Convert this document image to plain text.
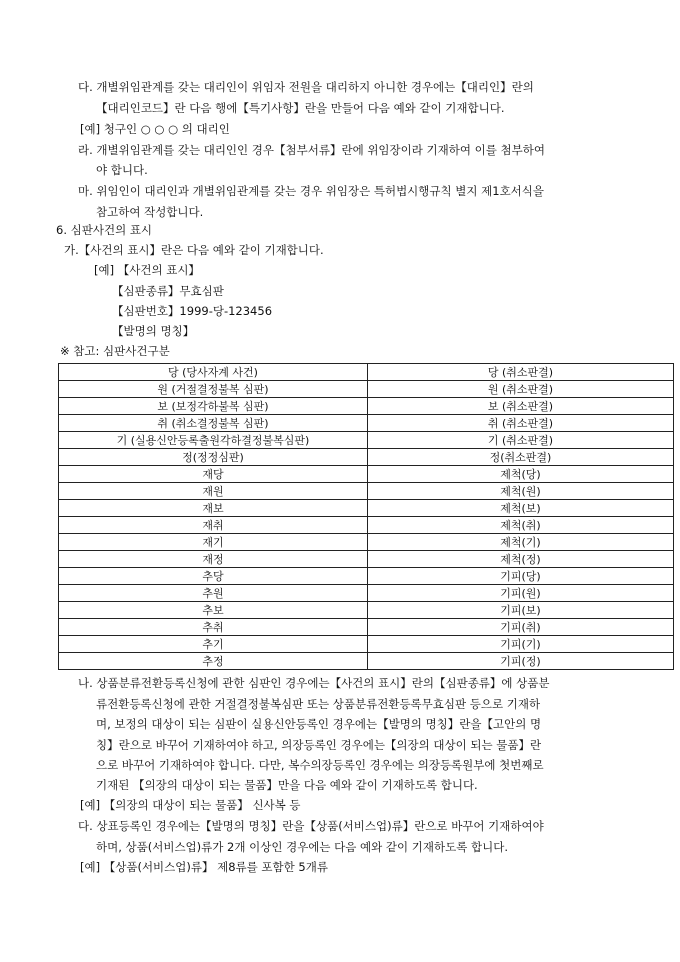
다. 개별위임관계를 갖는 대리인이 위임자 전원을 대리하지 아니한 경우에는【대리인】란의
【대리인코드】란 다음 행에【특기사항】란을 만들어 다음 예와 같이 기재합니다.
[예] 청구인 ○ ○ ○ 의 대리인
라. 개별위임관계를 갖는 대리인인 경우【첨부서류】란에 위임장이라 기재하여 이를 첨부하여
야 합니다.
마. 위임인이 대리인과 개별위임관계를 갖는 경우 위임장은 특허법시행규칙 별지 제1호서식을
참고하여 작성합니다.
6. 심판사건의 표시
가.【사건의 표시】란은 다음 예와 같이 기재합니다.
[예] 【사건의 표시】
【심판종류】무효심판
【심판번호】1999-당-123456
【발명의 명칭】
※ 참고: 심판사건구분
당 (당사자계 사건)	당 (취소판결)
원 (거절결정불복 심판)	원 (취소판결)
보 (보정각하불복 심판)	보 (취소판결)
취 (취소결정불복 심판)	취 (취소판결)
기 (실용신안등록출원각하결정불복심판)	기 (취소판결)
정(정정심판)	정(취소판결)
재당	제척(당)
재원	제척(원)
재보	제척(보)
재취	제척(취)
재기	제척(기)
재정	제척(정)
추당	기피(당)
추원	기피(원)
추보	기피(보)
추취	기피(취)
추기	기피(기)
추정	기피(정)
나. 상품분류전환등록신청에 관한 심판인 경우에는【사건의 표시】란의【심판종류】에 상품분
류전환등록신청에 관한 거절결정불복심판 또는 상품분류전환등록무효심판 등으로 기재하
며, 보정의 대상이 되는 심판이 실용신안등록인 경우에는【발명의 명칭】란을【고안의 명
칭】란으로 바꾸어 기재하여야 하고, 의장등록인 경우에는【의장의 대상이 되는 물품】란
으로 바꾸어 기재하여야 합니다. 다만, 복수의장등록인 경우에는 의장등록원부에 첫번째로
기재된 【의장의 대상이 되는 물품】만을 다음 예와 같이 기재하도록 합니다.
[예] 【의장의 대상이 되는 물품】 신사복 등
다. 상표등록인 경우에는【발명의 명칭】란을【상품(서비스업)류】란으로 바꾸어 기재하여야
하며, 상품(서비스업)류가 2개 이상인 경우에는 다음 예와 같이 기재하도록 합니다.
[예] 【상품(서비스업)류】 제8류를 포함한 5개류
